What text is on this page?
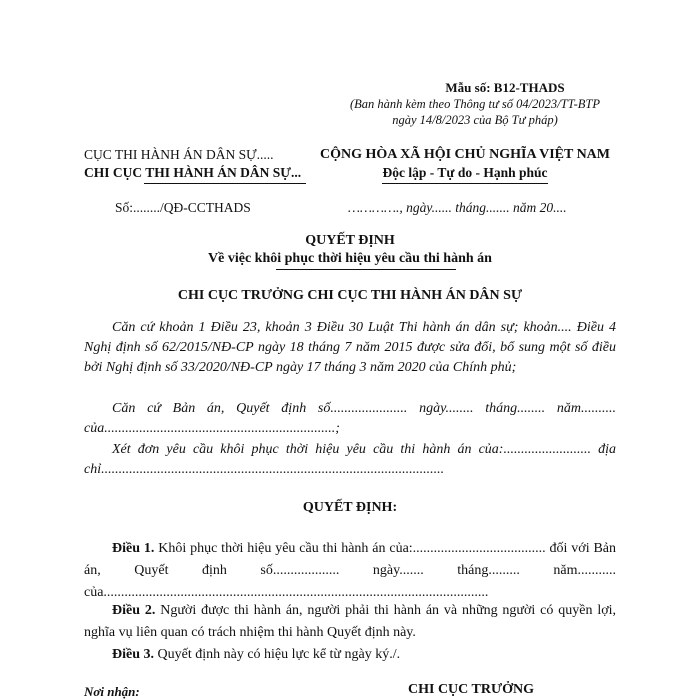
Mẫu số: B12-THADS
(Ban hành kèm theo Thông tư số 04/2023/TT-BTP
ngày 14/8/2023 của Bộ Tư pháp)
CỤC THI HÀNH ÁN DÂN SỰ.....
CHI CỤC THI HÀNH ÁN DÂN SỰ...
CỘNG HÒA XÃ HỘI CHỦ NGHĨA VIỆT NAM
Độc lập - Tự do - Hạnh phúc
Số:......../QĐ-CCTHADS	…………., ngày...... tháng....... năm 20....
QUYẾT ĐỊNH
Về việc khôi phục thời hiệu yêu cầu thi hành án
CHI CỤC TRƯỞNG CHI CỤC THI HÀNH ÁN DÂN SỰ
Căn cứ khoản 1 Điều 23, khoản 3 Điều 30 Luật Thi hành án dân sự; khoản.... Điều 4 Nghị định số 62/2015/NĐ-CP ngày 18 tháng 7 năm 2015 được sửa đổi, bổ sung một số điều bởi Nghị định số 33/2020/NĐ-CP ngày 17 tháng 3 năm 2020 của Chính phủ;
Căn cứ Bản án, Quyết định số...................... ngày........ tháng........ năm.......... của..................................................................;
Xét đơn yêu cầu khôi phục thời hiệu yêu cầu thi hành án của:......................... địa chỉ..................................................................................................
QUYẾT ĐỊNH:
Điều 1. Khôi phục thời hiệu yêu cầu thi hành án của:...................................... đối với Bản án, Quyết định số................... ngày....... tháng......... năm........... của..............................................................................................................
Điều 2. Người được thi hành án, người phải thi hành án và những người có quyền lợi, nghĩa vụ liên quan có trách nhiệm thi hành Quyết định này.
Điều 3. Quyết định này có hiệu lực kể từ ngày ký./.
Nơi nhận:	CHI CỤC TRƯỞNG
